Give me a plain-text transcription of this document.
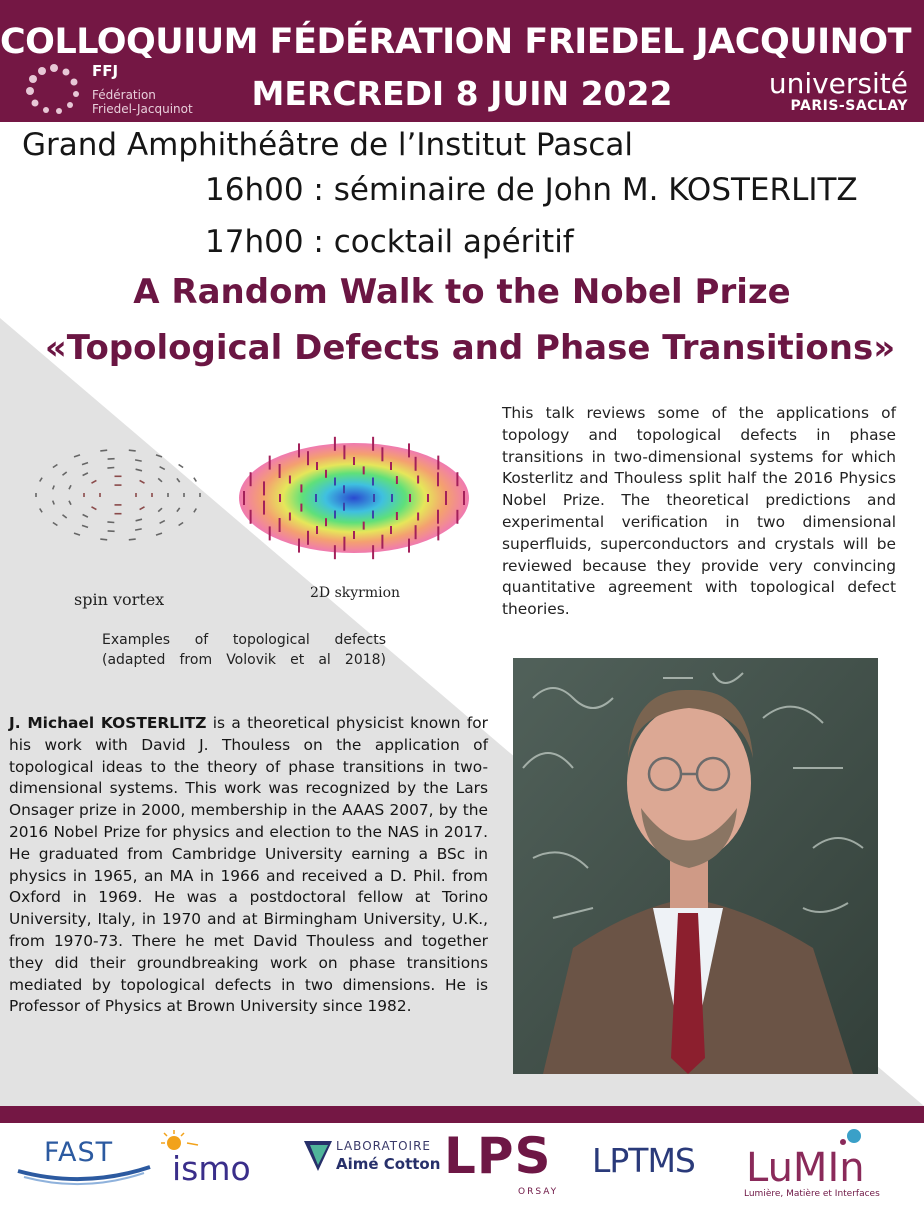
COLLOQUIUM FÉDÉRATION FRIEDEL JACQUINOT
FFJ
Fédération
Friedel-Jacquinot	MERCREDI 8 JUIN 2022	université
PARIS-SACLAY
Grand Amphithéâtre de l’Institut Pascal
16h00 : séminaire de John M. KOSTERLITZ
17h00 : cocktail apéritif
A Random Walk to the Nobel Prize
«Topological Defects and Phase Transitions»
This talk reviews some of the applications of topology and topological defects in phase transitions in two-dimensional systems for which Kosterlitz and Thouless split half the 2016 Physics Nobel Prize. The theoretical predictions and experimental verification in two dimensional superfluids, superconductors and crystals will be reviewed because they provide very convincing quantitative agreement with topological defect theories.
spin vortex	2D skyrmion
Examples of topological defects
(adapted from Volovik et al 2018)
J. Michael KOSTERLITZ is a theoretical physicist known for his work with David J. Thouless on the application of topological ideas to the theory of phase transitions in two-dimensional systems. This work was recognized by the Lars Onsager prize in 2000, membership in the AAAS 2007, by the 2016 Nobel Prize for physics and election to the NAS in 2017. He graduated from Cambridge University earning a BSc in physics in 1965, an MA in 1966 and received a D. Phil. from Oxford in 1969. He was a postdoctoral fellow at Torino University, Italy, in 1970 and at Birmingham University, U.K., from 1970-73. There he met David Thouless and together they did their groundbreaking work on phase transitions mediated by topological defects in two dimensions. He is Professor of Physics at Brown University since 1982.
FAST ismo
LABORATOIRE
Aimé Cotton LPS
ORSAY
LPTMS LuMIn
Lumière, Matière et Interfaces
